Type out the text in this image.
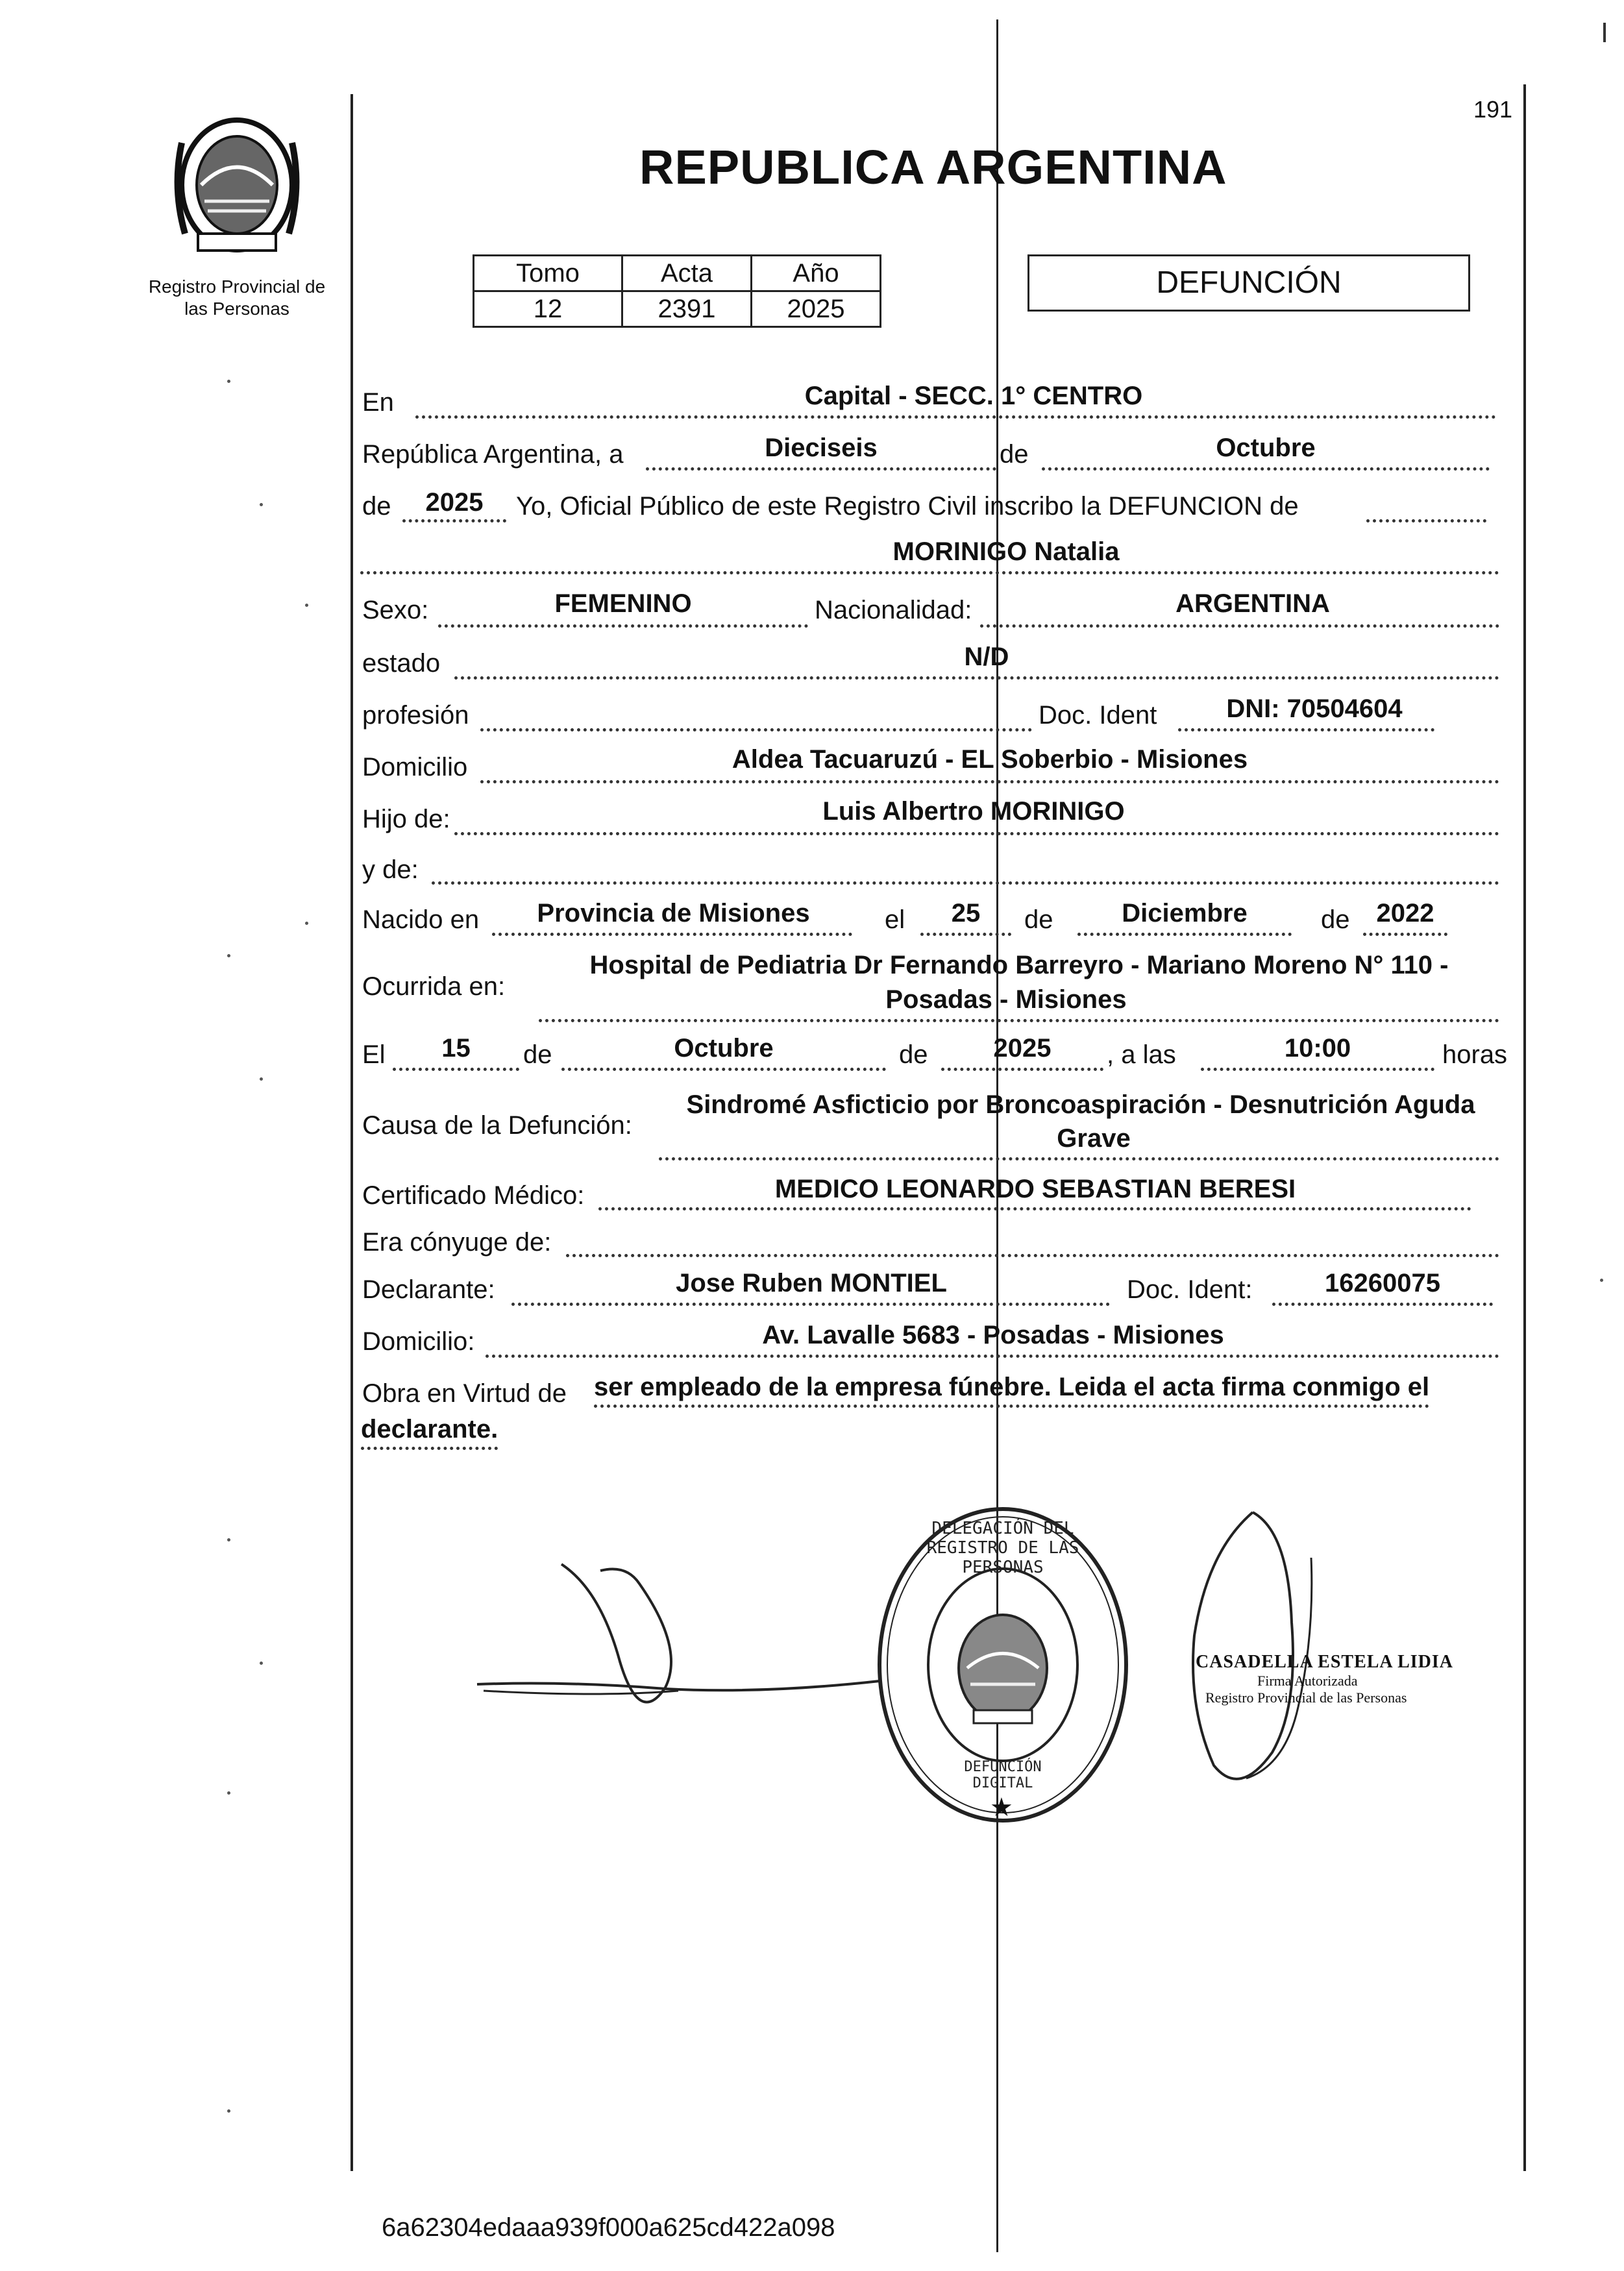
Registro Provincial de
las Personas
191
REPUBLICA ARGENTINA
Tomo	Acta	Año
12	2391	2025
DEFUNCIÓN
En	Capital - SECC. 1° CENTRO
República Argentina, a	Dieciseis	de	Octubre
de	2025	Yo, Oficial Público de este Registro Civil inscribo la DEFUNCION de
MORINIGO Natalia
Sexo:	FEMENINO	Nacionalidad:	ARGENTINA
estado	N/D
profesión	Doc. Ident	DNI: 70504604
Domicilio	Aldea Tacuaruzú - EL Soberbio - Misiones
Hijo de:	Luis Albertro MORINIGO
y de:
Nacido en	Provincia de Misiones	el	25	de	Diciembre	de	2022
Ocurrida en:
Hospital de Pediatria Dr Fernando Barreyro - Mariano Moreno N° 110 -
Posadas - Misiones
El	15	de	Octubre	de	2025	, a las	10:00	horas
Causa de la Defunción:
Sindromé Asficticio por Broncoaspiración - Desnutrición Aguda
Grave
Certificado Médico:	MEDICO LEONARDO SEBASTIAN BERESI
Era cónyuge de:
Declarante:	Jose Ruben MONTIEL	Doc. Ident:	16260075
Domicilio:	Av. Lavalle 5683 - Posadas - Misiones
Obra en Virtud de ser empleado de la empresa fúnebre. Leida el acta firma conmigo el
declarante.
DELEGACIÓN DEL REGISTRO DE LAS PERSONAS
DEFUNCIÓN DIGITAL
★
CASADELLA ESTELA LIDIA
Firma Autorizada
Registro Provincial de las Personas
6a62304edaaa939f000a625cd422a098
